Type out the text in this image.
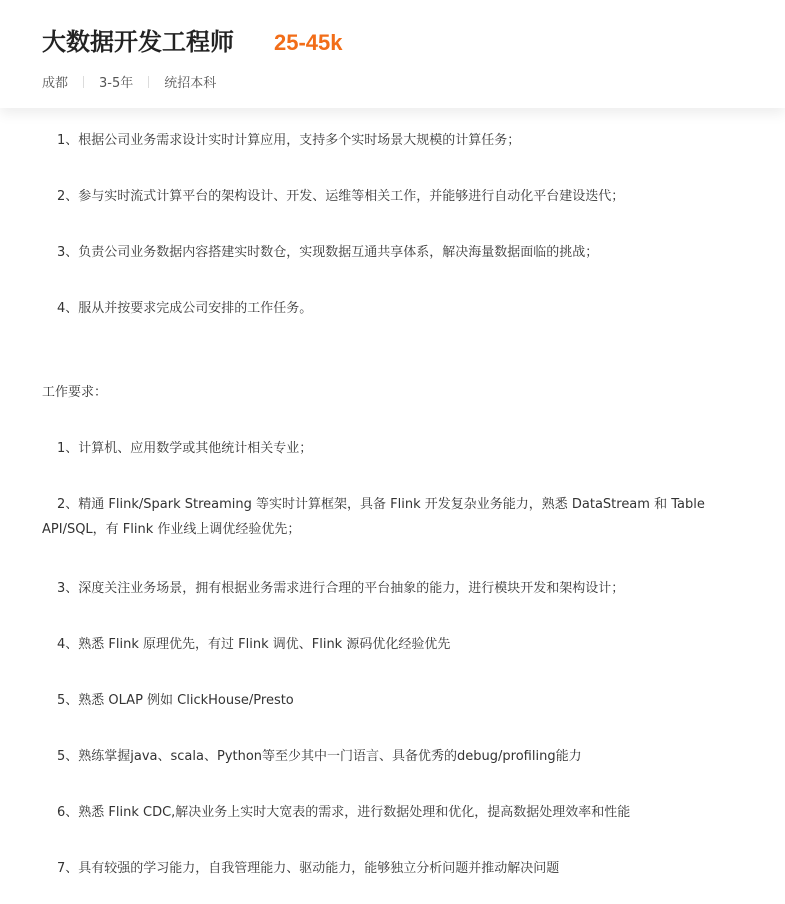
大数据开发工程师 25-45k
成都 3-5年 统招本科
1、根据公司业务需求设计实时计算应用，支持多个实时场景大规模的计算任务；
2、参与实时流式计算平台的架构设计、开发、运维等相关工作，并能够进行自动化平台建设迭代；
3、负责公司业务数据内容搭建实时数仓，实现数据互通共享体系，解决海量数据面临的挑战；
4、服从并按要求完成公司安排的工作任务。
工作要求：
1、计算机、应用数学或其他统计相关专业；
2、精通 Flink/Spark Streaming 等实时计算框架，具备 Flink 开发复杂业务能力，熟悉 DataStream 和 Table API/SQL，有 Flink 作业线上调优经验优先；
3、深度关注业务场景，拥有根据业务需求进行合理的平台抽象的能力，进行模块开发和架构设计；
4、熟悉 Flink 原理优先，有过 Flink 调优、Flink 源码优化经验优先
5、熟悉 OLAP 例如 ClickHouse/Presto
5、熟练掌握java、scala、Python等至少其中一门语言、具备优秀的debug/profiling能力
6、熟悉 Flink CDC,解决业务上实时大宽表的需求，进行数据处理和优化，提高数据处理效率和性能
7、具有较强的学习能力，自我管理能力、驱动能力，能够独立分析问题并推动解决问题
